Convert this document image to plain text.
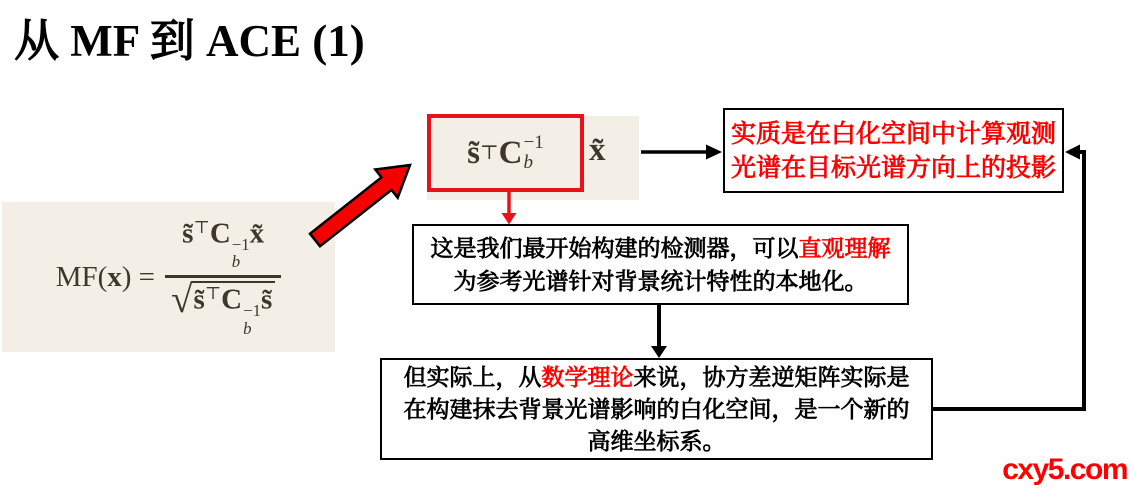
从 MF 到 ACE (1)
MF(x) = s̃⊤C −1
b
x̃
√ s̃⊤C −1
b
s̃
s̃ ⊤ C −1
b x̃	实质是在白化空间中计算观测
光谱在目标光谱方向上的投影
这是我们最开始构建的检测器，可以直观理解
为参考光谱针对背景统计特性的本地化。
但实际上，从数学理论来说，协方差逆矩阵实际是
在构建抹去背景光谱影响的白化空间，是一个新的
高维坐标系。
cxy5.com
